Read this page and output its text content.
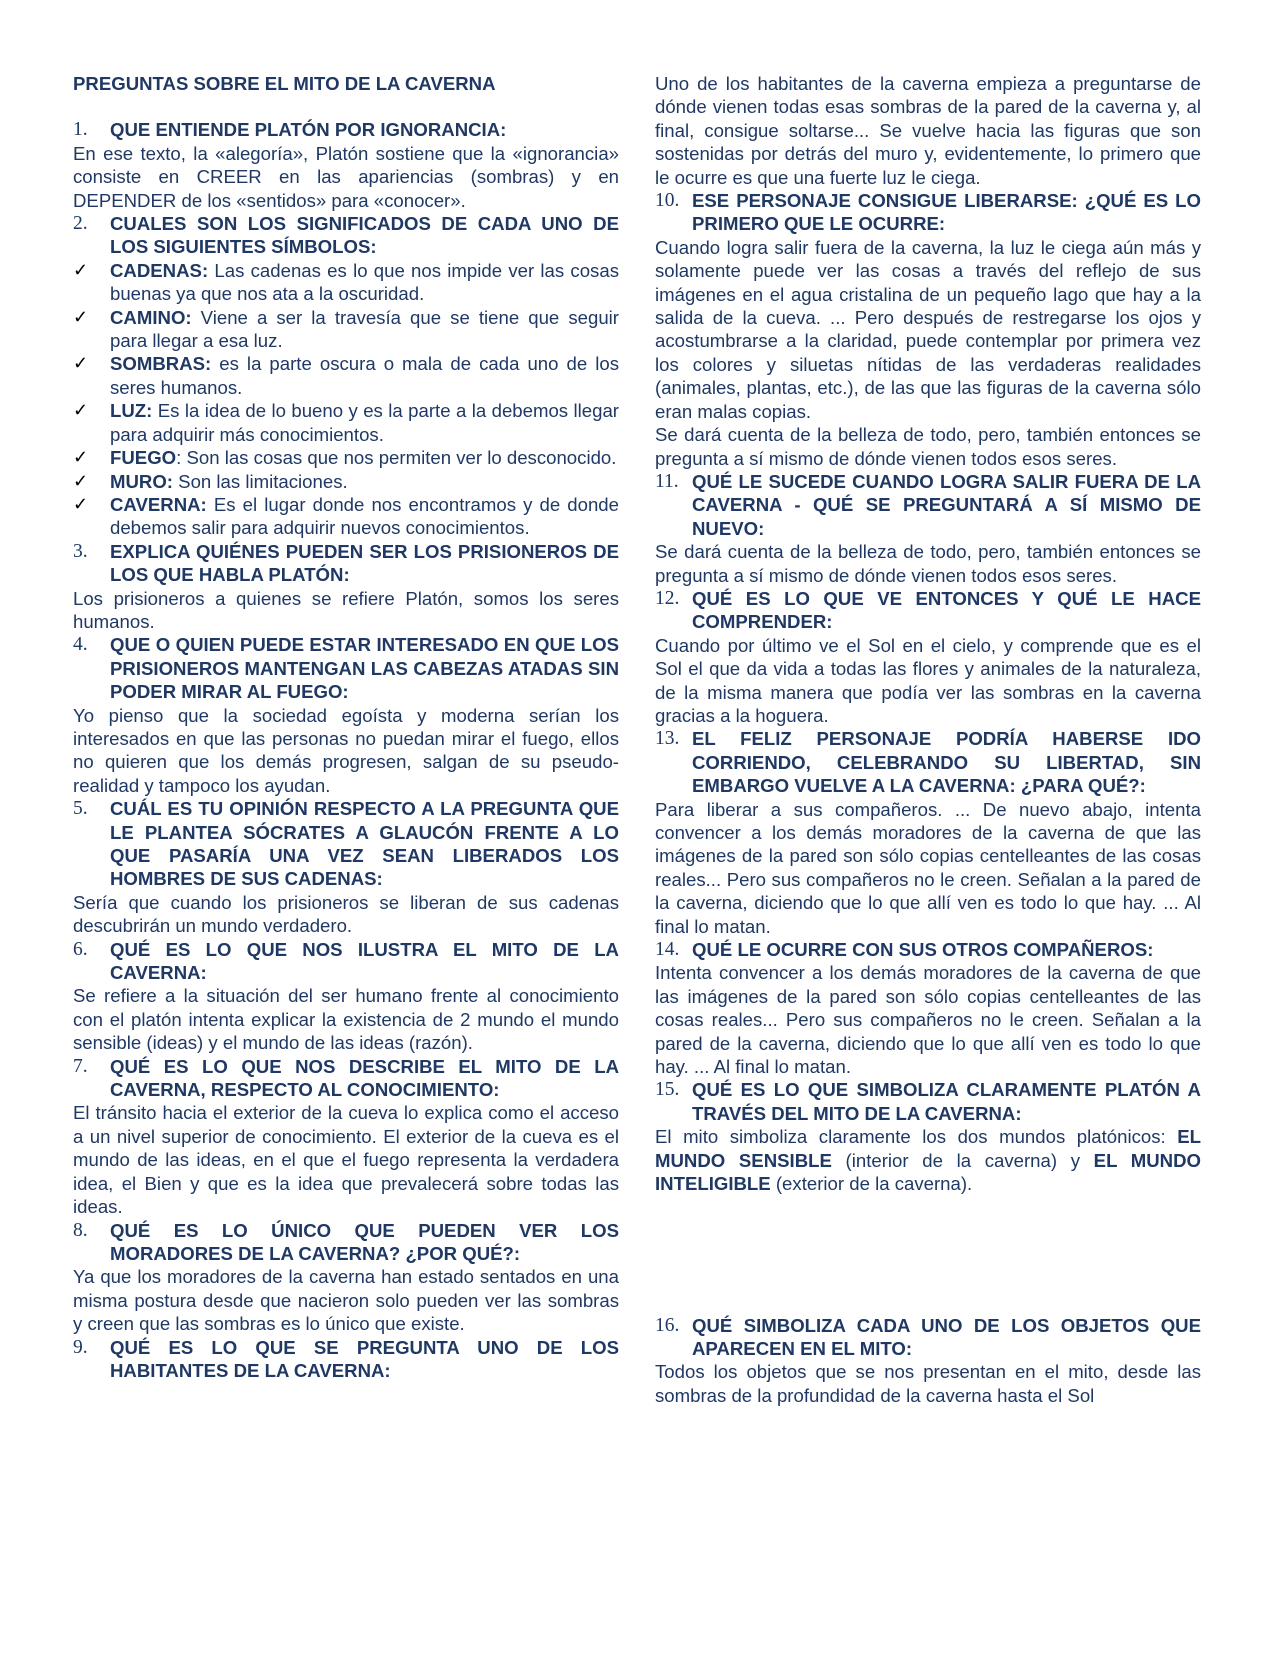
PREGUNTAS SOBRE EL MITO DE LA CAVERNA

1.	QUE ENTIENDE PLATÓN POR IGNORANCIA:

En ese texto, la «alegoría», Platón sostiene que la «ignorancia» consiste en CREER en las apariencias (sombras) y en DEPENDER de los «sentidos» para «conocer».

2.	CUALES SON LOS SIGNIFICADOS DE CADA UNO DE LOS SIGUIENTES SÍMBOLOS:
✓	CADENAS: Las cadenas es lo que nos impide ver las cosas buenas ya que nos ata a la oscuridad.
✓	CAMINO: Viene a ser la travesía que se tiene que seguir para llegar a esa luz.
✓	SOMBRAS: es la parte oscura o mala de cada uno de los seres humanos.
✓	LUZ: Es la idea de lo bueno y es la parte a la debemos llegar para adquirir más conocimientos.
✓	FUEGO: Son las cosas que nos permiten ver lo desconocido.
✓	MURO: Son las limitaciones.
✓	CAVERNA: Es el lugar donde nos encontramos y de donde debemos salir para adquirir nuevos conocimientos.
3.	EXPLICA QUIÉNES PUEDEN SER LOS PRISIONEROS DE LOS QUE HABLA PLATÓN:

Los prisioneros a quienes se refiere Platón, somos los seres humanos.

4.	QUE O QUIEN PUEDE ESTAR INTERESADO EN QUE LOS PRISIONEROS MANTENGAN LAS CABEZAS ATADAS SIN PODER MIRAR AL FUEGO:

Yo pienso que la sociedad egoísta y moderna serían los interesados en que las personas no puedan mirar el fuego, ellos no quieren que los demás progresen, salgan de su pseudo-realidad y tampoco los ayudan.

5.	CUÁL ES TU OPINIÓN RESPECTO A LA PREGUNTA QUE LE PLANTEA SÓCRATES A GLAUCÓN FRENTE A LO QUE PASARÍA UNA VEZ SEAN LIBERADOS LOS HOMBRES DE SUS CADENAS:

Sería que cuando los prisioneros se liberan de sus cadenas descubrirán un mundo verdadero.

6.	QUÉ ES LO QUE NOS ILUSTRA EL MITO DE LA CAVERNA:

Se refiere a la situación del ser humano frente al conocimiento con el platón intenta explicar la existencia de 2 mundo el mundo sensible (ideas) y el mundo de las ideas (razón).

7.	QUÉ ES LO QUE NOS DESCRIBE EL MITO DE LA CAVERNA, RESPECTO AL CONOCIMIENTO:

El tránsito hacia el exterior de la cueva lo explica como el acceso a un nivel superior de conocimiento. El exterior de la cueva es el mundo de las ideas, en el que el fuego representa la verdadera idea, el Bien y que es la idea que prevalecerá sobre todas las ideas.

8.	QUÉ ES LO ÚNICO QUE PUEDEN VER LOS MORADORES DE LA CAVERNA? ¿POR QUÉ?:

Ya que los moradores de la caverna han estado sentados en una misma postura desde que nacieron solo pueden ver las sombras y creen que las sombras es lo único que existe.

9.	QUÉ ES LO QUE SE PREGUNTA UNO DE LOS HABITANTES DE LA CAVERNA:

Uno de los habitantes de la caverna empieza a preguntarse de dónde vienen todas esas sombras de la pared de la caverna y, al final, consigue soltarse... Se vuelve hacia las figuras que son sostenidas por detrás del muro y, evidentemente, lo primero que le ocurre es que una fuerte luz le ciega.

10. ESE PERSONAJE CONSIGUE LIBERARSE: ¿QUÉ ES LO PRIMERO QUE LE OCURRE:

Cuando logra salir fuera de la caverna, la luz le ciega aún más y solamente puede ver las cosas a través del reflejo de sus imágenes en el agua cristalina de un pequeño lago que hay a la salida de la cueva. ... Pero después de restregarse los ojos y acostumbrarse a la claridad, puede contemplar por primera vez los colores y siluetas nítidas de las verdaderas realidades (animales, plantas, etc.), de las que las figuras de la caverna sólo eran malas copias.

Se dará cuenta de la belleza de todo, pero, también entonces se pregunta a sí mismo de dónde vienen todos esos seres.

11. QUÉ LE SUCEDE CUANDO LOGRA SALIR FUERA DE LA CAVERNA - QUÉ SE PREGUNTARÁ A SÍ MISMO DE NUEVO:

Se dará cuenta de la belleza de todo, pero, también entonces se pregunta a sí mismo de dónde vienen todos esos seres.

12. QUÉ ES LO QUE VE ENTONCES Y QUÉ LE HACE COMPRENDER:

Cuando por último ve el Sol en el cielo, y comprende que es el Sol el que da vida a todas las flores y animales de la naturaleza, de la misma manera que podía ver las sombras en la caverna gracias a la hoguera.

13. EL FELIZ PERSONAJE PODRÍA HABERSE IDO CORRIENDO, CELEBRANDO SU LIBERTAD, SIN EMBARGO VUELVE A LA CAVERNA: ¿PARA QUÉ?:

Para liberar a sus compañeros. ... De nuevo abajo, intenta convencer a los demás moradores de la caverna de que las imágenes de la pared son sólo copias centelleantes de las cosas reales... Pero sus compañeros no le creen. Señalan a la pared de la caverna, diciendo que lo que allí ven es todo lo que hay. ... Al final lo matan.

14. QUÉ LE OCURRE CON SUS OTROS COMPAÑEROS:

Intenta convencer a los demás moradores de la caverna de que las imágenes de la pared son sólo copias centelleantes de las cosas reales... Pero sus compañeros no le creen. Señalan a la pared de la caverna, diciendo que lo que allí ven es todo lo que hay. ... Al final lo matan.

15. QUÉ ES LO QUE SIMBOLIZA CLARAMENTE PLATÓN A TRAVÉS DEL MITO DE LA CAVERNA:

El mito simboliza claramente los dos mundos platónicos: EL MUNDO SENSIBLE (interior de la caverna) y EL MUNDO INTELIGIBLE (exterior de la caverna).

16. QUÉ SIMBOLIZA CADA UNO DE LOS OBJETOS QUE APARECEN EN EL MITO:

Todos los objetos que se nos presentan en el mito, desde las sombras de la profundidad de la caverna hasta el Sol
